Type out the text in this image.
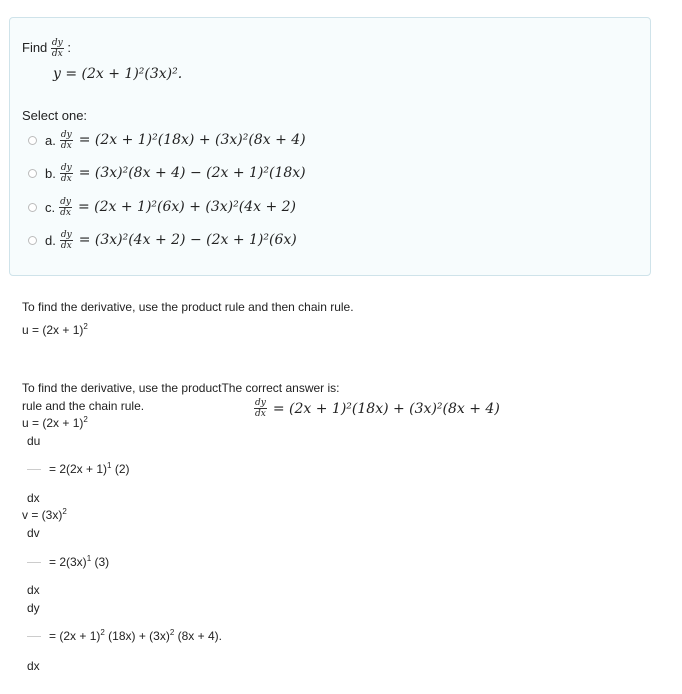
Find $\frac{dy}{dx}$ :
y = (2x + 1)²(3x)².
Select one:
a. $\frac{dy}{dx} = (2x + 1)^2(18x) + (3x)^2(8x + 4)$
b. $\frac{dy}{dx} = (3x)^2(8x + 4) - (2x + 1)^2(18x)$
c. $\frac{dy}{dx} = (2x + 1)^2(6x) + (3x)^2(4x + 2)$
d. $\frac{dy}{dx} = (3x)^2(4x + 2) - (2x + 1)^2(6x)$
To find the derivative, use the product rule and then chain rule.
$u = (2x + 1)^2$
To find the derivative, use the productThe correct answer is:
rule and the chain rule.
$u = (2x + 1)^2$
du
= $2(2x + 1)^1$ (2)
dx
$v = (3x)^2$
dv
= $2(3x)^1$ (3)
dx
dy
= $(2x + 1)^2$ $(18x) + (3x)^2$ (8x + 4).
dx
$\frac{dy}{dx} = (2x + 1)^2(18x) + (3x)^2(8x + 4)$
